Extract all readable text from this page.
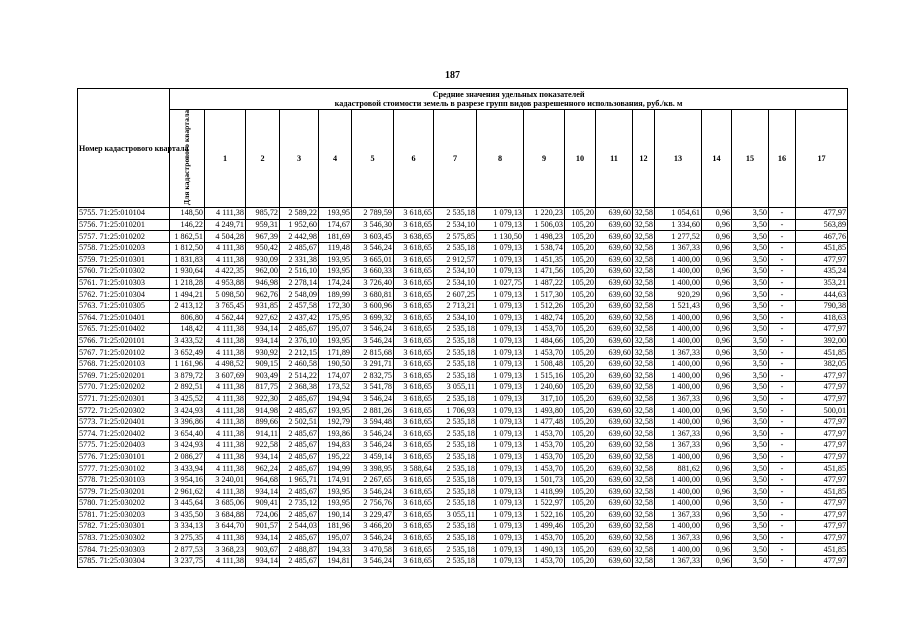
187
Номер кадастрового квартала	Средние значения удельных показателей
кадастровой стоимости земель в разрезе групп видов разрешенного использования, руб./кв. м																	

	Для кадастрового квартала	1	2	3	4	5	6	7	8	9	10	11	12	13	14	15	16	17
5755. 71:25:010104	148,50	4 111,38	985,72	2 589,22	193,95	2 789,59	3 618,65	2 535,18	1 079,13	1 220,23	105,20	639,60	32,58	1 054,61	0,96	3,50	-	477,97
5756. 71:25:010201	146,22	4 249,71	959,31	1 952,60	174,67	3 546,30	3 618,65	2 534,10	1 079,13	1 506,03	105,20	639,60	32,58	1 334,60	0,96	3,50	-	563,89
5757. 71:25:010202	1 862,51	4 504,28	967,39	2 442,98	181,69	3 603,45	3 638,65	2 575,85	1 130,50	1 498,23	105,20	639,60	32,58	1 277,52	0,96	3,50	-	467,76
5758. 71:25:010203	1 812,50	4 111,38	950,42	2 485,67	119,48	3 546,24	3 618,65	2 535,18	1 079,13	1 538,74	105,20	639,60	32,58	1 367,33	0,96	3,50	-	451,85
5759. 71:25:010301	1 831,83	4 111,38	930,09	2 331,38	193,95	3 665,01	3 618,65	2 912,57	1 079,13	1 451,35	105,20	639,60	32,58	1 400,00	0,96	3,50	-	477,97
5760. 71:25:010302	1 930,64	4 422,35	962,00	2 516,10	193,95	3 660,33	3 618,65	2 534,10	1 079,13	1 471,56	105,20	639,60	32,58	1 400,00	0,96	3,50	-	435,24
5761. 71:25:010303	1 218,28	4 953,88	946,98	2 278,14	174,24	3 726,40	3 618,65	2 534,10	1 027,75	1 487,22	105,20	639,60	32,58	1 400,00	0,96	3,50	-	353,21
5762. 71:25:010304	1 494,21	5 098,50	962,76	2 548,09	189,99	3 680,81	3 618,65	2 607,25	1 079,13	1 517,30	105,20	639,60	32,58	920,29	0,96	3,50	-	444,63
5763. 71:25:010305	2 413,12	3 765,45	931,85	2 457,58	172,30	3 600,96	3 618,65	2 713,21	1 079,13	1 512,26	105,20	639,60	32,58	1 521,43	0,96	3,50	-	790,38
5764. 71:25:010401	806,80	4 562,44	927,62	2 437,42	175,95	3 699,32	3 618,65	2 534,10	1 079,13	1 482,74	105,20	639,60	32,58	1 400,00	0,96	3,50	-	418,63
5765. 71:25:010402	148,42	4 111,38	934,14	2 485,67	195,07	3 546,24	3 618,65	2 535,18	1 079,13	1 453,70	105,20	639,60	32,58	1 400,00	0,96	3,50	-	477,97
5766. 71:25:020101	3 433,52	4 111,38	934,14	2 376,10	193,95	3 546,24	3 618,65	2 535,18	1 079,13	1 484,66	105,20	639,60	32,58	1 400,00	0,96	3,50	-	392,00
5767. 71:25:020102	3 652,49	4 111,38	930,92	2 212,15	171,89	2 815,68	3 618,65	2 535,18	1 079,13	1 453,70	105,20	639,60	32,58	1 367,33	0,96	3,50	-	451,85
5768. 71:25:020103	1 161,96	4 498,52	909,15	2 460,58	190,50	3 291,71	3 618,65	2 535,18	1 079,13	1 508,48	105,20	639,60	32,58	1 400,00	0,96	3,50	-	382,05
5769. 71:25:020201	3 879,72	3 607,69	903,49	2 514,22	174,07	2 832,75	3 618,65	2 535,18	1 079,13	1 515,16	105,20	639,60	32,58	1 400,00	0,96	3,50	-	477,97
5770. 71:25:020202	2 892,51	4 111,38	817,75	2 368,38	173,52	3 541,78	3 618,65	3 055,11	1 079,13	1 240,60	105,20	639,60	32,58	1 400,00	0,96	3,50	-	477,97
5771. 71:25:020301	3 425,52	4 111,38	922,30	2 485,67	194,94	3 546,24	3 618,65	2 535,18	1 079,13	317,10	105,20	639,60	32,58	1 367,33	0,96	3,50	-	477,97
5772. 71:25:020302	3 424,93	4 111,38	914,98	2 485,67	193,95	2 881,26	3 618,65	1 706,93	1 079,13	1 493,80	105,20	639,60	32,58	1 400,00	0,96	3,50	-	500,01
5773. 71:25:020401	3 396,86	4 111,38	899,66	2 502,51	192,79	3 594,48	3 618,65	2 535,18	1 079,13	1 477,48	105,20	639,60	32,58	1 400,00	0,96	3,50	-	477,97
5774. 71:25:020402	3 654,40	4 111,38	914,11	2 485,67	193,86	3 546,24	3 618,65	2 535,18	1 079,13	1 453,70	105,20	639,60	32,58	1 367,33	0,96	3,50	-	477,97
5775. 71:25:020403	3 424,93	4 111,38	922,58	2 485,67	194,83	3 546,24	3 618,65	2 535,18	1 079,13	1 453,70	105,20	639,60	32,58	1 367,33	0,96	3,50	-	477,97
5776. 71:25:030101	2 086,27	4 111,38	934,14	2 485,67	195,22	3 459,14	3 618,65	2 535,18	1 079,13	1 453,70	105,20	639,60	32,58	1 400,00	0,96	3,50	-	477,97
5777. 71:25:030102	3 433,94	4 111,38	962,24	2 485,67	194,99	3 398,95	3 588,64	2 535,18	1 079,13	1 453,70	105,20	639,60	32,58	881,62	0,96	3,50	-	451,85
5778. 71:25:030103	3 954,16	3 240,01	964,68	1 965,71	174,91	2 267,65	3 618,65	2 535,18	1 079,13	1 501,73	105,20	639,60	32,58	1 400,00	0,96	3,50	-	477,97
5779. 71:25:030201	2 961,62	4 111,38	934,14	2 485,67	193,95	3 546,24	3 618,65	2 535,18	1 079,13	1 418,99	105,20	639,60	32,58	1 400,00	0,96	3,50	-	451,85
5780. 71:25:030202	3 445,64	3 685,06	909,41	2 735,12	193,95	2 756,76	3 618,65	2 535,18	1 079,13	1 522,97	105,20	639,60	32,58	1 400,00	0,96	3,50	-	477,97
5781. 71:25:030203	3 435,50	3 684,88	724,06	2 485,67	190,14	3 229,47	3 618,65	3 055,11	1 079,13	1 522,16	105,20	639,60	32,58	1 367,33	0,96	3,50	-	477,97
5782. 71:25:030301	3 334,13	3 644,70	901,57	2 544,03	181,96	3 466,20	3 618,65	2 535,18	1 079,13	1 499,46	105,20	639,60	32,58	1 400,00	0,96	3,50	-	477,97
5783. 71:25:030302	3 275,35	4 111,38	934,14	2 485,67	195,07	3 546,24	3 618,65	2 535,18	1 079,13	1 453,70	105,20	639,60	32,58	1 367,33	0,96	3,50	-	477,97
5784. 71:25:030303	2 877,53	3 368,23	903,67	2 488,87	194,33	3 470,58	3 618,65	2 535,18	1 079,13	1 490,13	105,20	639,60	32,58	1 400,00	0,96	3,50	-	451,85
5785. 71:25:030304	3 237,75	4 111,38	934,14	2 485,67	194,81	3 546,24	3 618,65	2 535,18	1 079,13	1 453,70	105,20	639,60	32,58	1 367,33	0,96	3,50	-	477,97
